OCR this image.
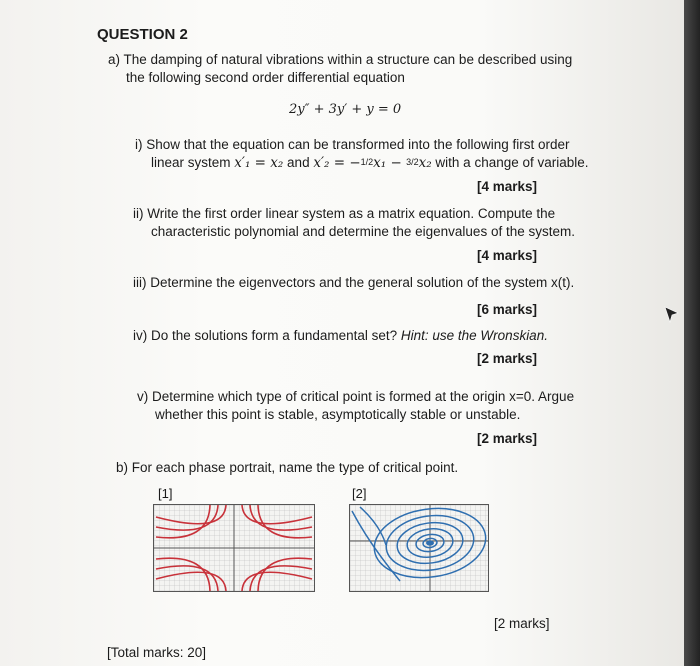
QUESTION 2
a) The damping of natural vibrations within a structure can be described using
the following second order differential equation
2y″ + 3y′ + y = 0
i) Show that the equation can be transformed into the following first order
linear system x′₁ = x₂ and x′₂ = −1/2x₁ − 3/2x₂ with a change of variable.
[4 marks]
ii) Write the first order linear system as a matrix equation. Compute the
characteristic polynomial and determine the eigenvalues of the system.
[4 marks]
iii) Determine the eigenvectors and the general solution of the system x(t).
[6 marks]
iv) Do the solutions form a fundamental set? Hint: use the Wronskian.
[2 marks]
v) Determine which type of critical point is formed at the origin x=0. Argue
whether this point is stable, asymptotically stable or unstable.
[2 marks]
b) For each phase portrait, name the type of critical point.
[1]	[2]
[2 marks]
[Total marks: 20]
